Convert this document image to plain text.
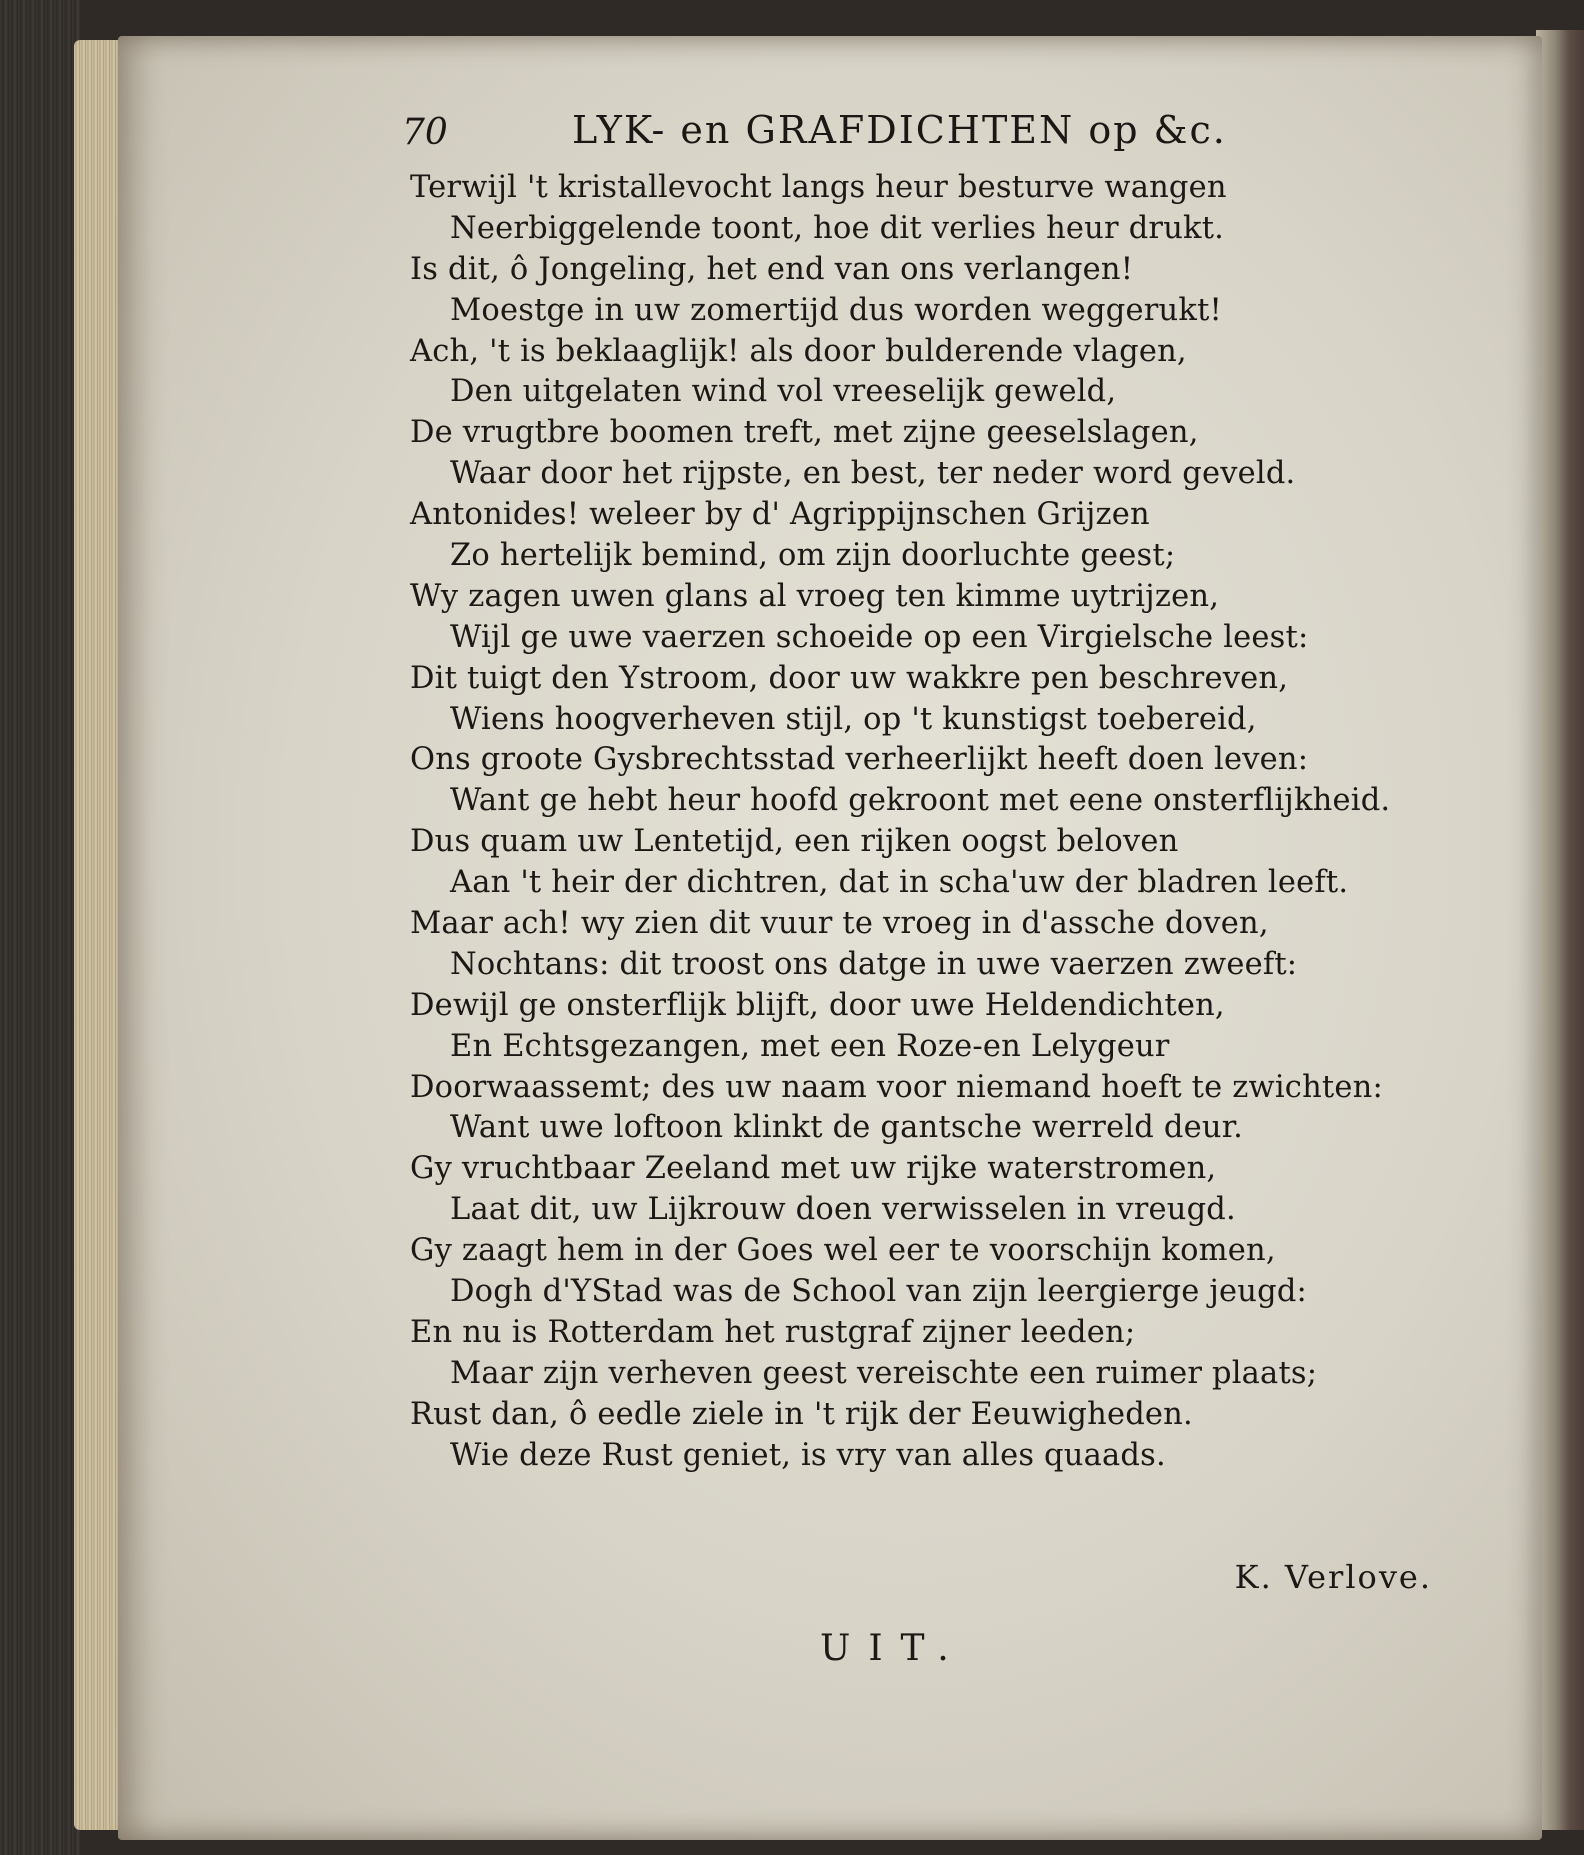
70	LYK- en GRAFDICHTEN op &c.
Terwijl 't kristallevocht langs heur besturve wangen
Neerbiggelende toont, hoe dit verlies heur drukt.
Is dit, ô Jongeling, het end van ons verlangen!
Moestge in uw zomertijd dus worden weggerukt!
Ach, 't is beklaaglijk! als door bulderende vlagen,
Den uitgelaten wind vol vreeselijk geweld,
De vrugtbre boomen treft, met zijne geeselslagen,
Waar door het rijpste, en best, ter neder word geveld.
Antonides! weleer by d' Agrippijnschen Grijzen
Zo hertelijk bemind, om zijn doorluchte geest;
Wy zagen uwen glans al vroeg ten kimme uytrijzen,
Wijl ge uwe vaerzen schoeide op een Virgielsche leest:
Dit tuigt den Ystroom, door uw wakkre pen beschreven,
Wiens hoogverheven stijl, op 't kunstigst toebereid,
Ons groote Gysbrechtsstad verheerlijkt heeft doen leven:
Want ge hebt heur hoofd gekroont met eene onsterflijkheid.
Dus quam uw Lentetijd, een rijken oogst beloven
Aan 't heir der dichtren, dat in scha'uw der bladren leeft.
Maar ach! wy zien dit vuur te vroeg in d'assche doven,
Nochtans: dit troost ons datge in uwe vaerzen zweeft:
Dewijl ge onsterflijk blijft, door uwe Heldendichten,
En Echtsgezangen, met een Roze-en Lelygeur
Doorwaassemt; des uw naam voor niemand hoeft te zwichten:
Want uwe loftoon klinkt de gantsche werreld deur.
Gy vruchtbaar Zeeland met uw rijke waterstromen,
Laat dit, uw Lijkrouw doen verwisselen in vreugd.
Gy zaagt hem in der Goes wel eer te voorschijn komen,
Dogh d'YStad was de School van zijn leergierge jeugd:
En nu is Rotterdam het rustgraf zijner leeden;
Maar zijn verheven geest vereischte een ruimer plaats;
Rust dan, ô eedle ziele in 't rijk der Eeuwigheden.
Wie deze Rust geniet, is vry van alles quaads.
K. Verlove.
UIT.
